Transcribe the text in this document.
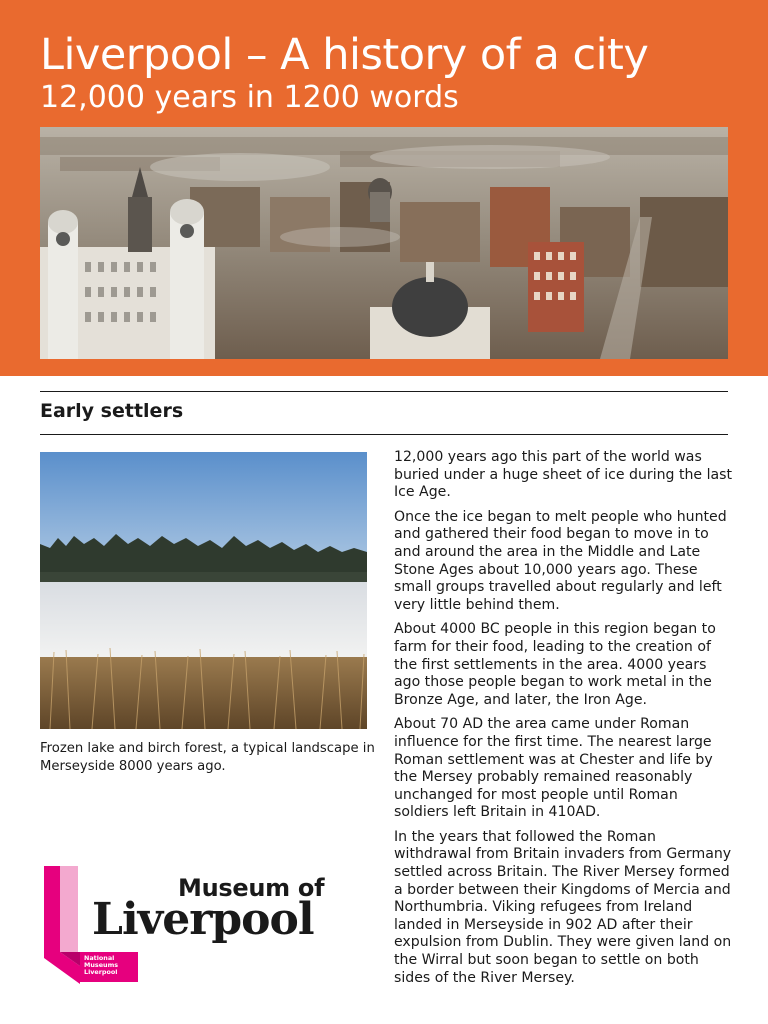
Liverpool – A history of a city
12,000 years in 1200 words
Early settlers
Frozen lake and birch forest, a typical landscape in Merseyside 8000 years ago.

12,000 years ago this part of the world was buried under a huge sheet of ice during the last Ice Age.

Once the ice began to melt people who hunted and gathered their food began to move in to and around the area in the Middle and Late Stone Ages about 10,000 years ago. These small groups travelled about regularly and left very little behind them.

About 4000 BC people in this region began to farm for their food, leading to the creation of the first settlements in the area. 4000 years ago those people began to work metal in the Bronze Age, and later, the Iron Age.

About 70 AD the area came under Roman influence for the first time. The nearest large Roman settlement was at Chester and life by the Mersey probably remained reasonably unchanged for most people until Roman soldiers left Britain in 410AD.

In the years that followed the Roman withdrawal from Britain invaders from Germany settled across Britain. The River Mersey formed a border between their Kingdoms of Mercia and Northumbria. Viking refugees from Ireland landed in Merseyside in 902 AD after their expulsion from Dublin. They were given land on the Wirral but soon began to settle on both sides of the River Mersey.

Museum of
Liverpool
National
Museums
Liverpool
